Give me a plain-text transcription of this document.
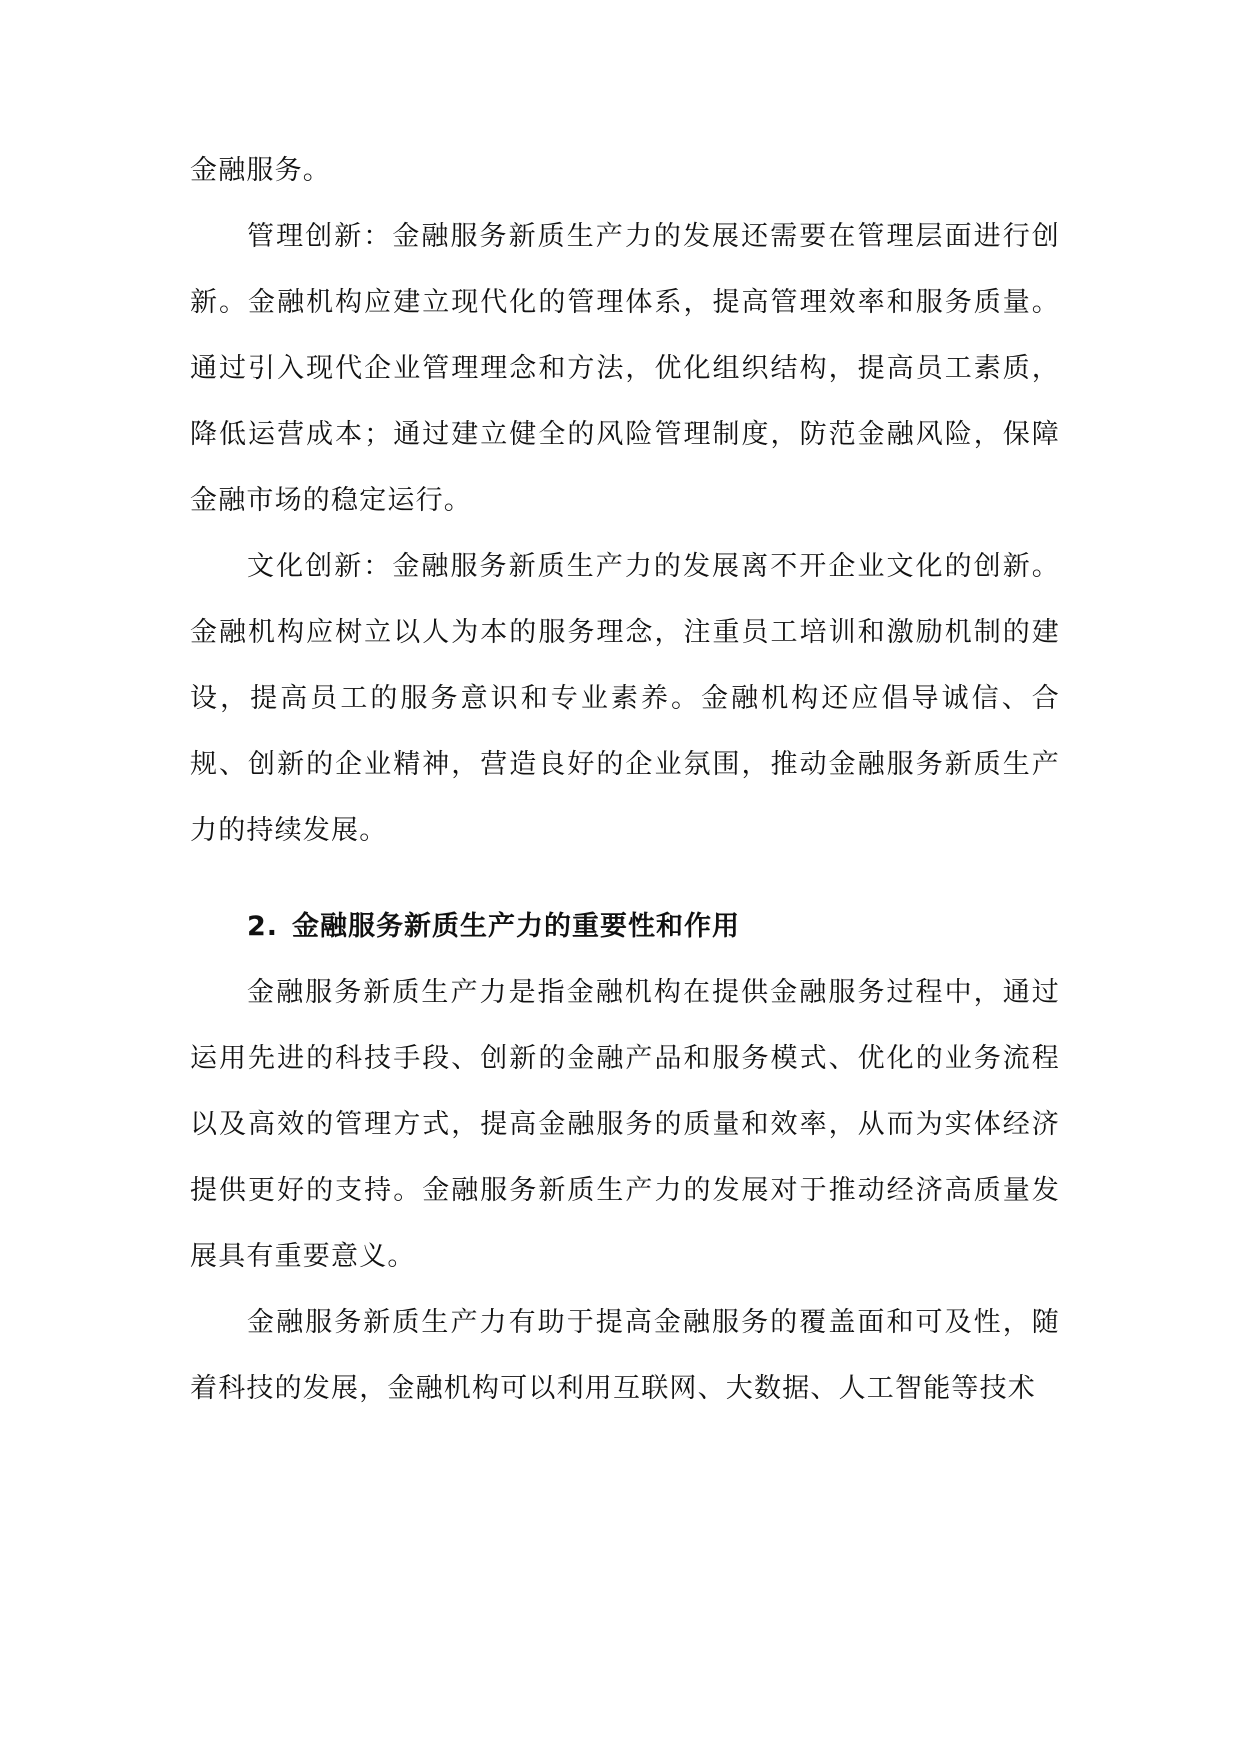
金融服务。

管理创新：金融服务新质生产力的发展还需要在管理层面进行创新。金融机构应建立现代化的管理体系，提高管理效率和服务质量。通过引入现代企业管理理念和方法，优化组织结构，提高员工素质，降低运营成本；通过建立健全的风险管理制度，防范金融风险，保障金融市场的稳定运行。

文化创新：金融服务新质生产力的发展离不开企业文化的创新。金融机构应树立以人为本的服务理念，注重员工培训和激励机制的建设，提高员工的服务意识和专业素养。金融机构还应倡导诚信、合规、创新的企业精神，营造良好的企业氛围，推动金融服务新质生产力的持续发展。

2. 金融服务新质生产力的重要性和作用

金融服务新质生产力是指金融机构在提供金融服务过程中，通过运用先进的科技手段、创新的金融产品和服务模式、优化的业务流程以及高效的管理方式，提高金融服务的质量和效率，从而为实体经济提供更好的支持。金融服务新质生产力的发展对于推动经济高质量发展具有重要意义。

金融服务新质生产力有助于提高金融服务的覆盖面和可及性，随着科技的发展，金融机构可以利用互联网、大数据、人工智能等技术
